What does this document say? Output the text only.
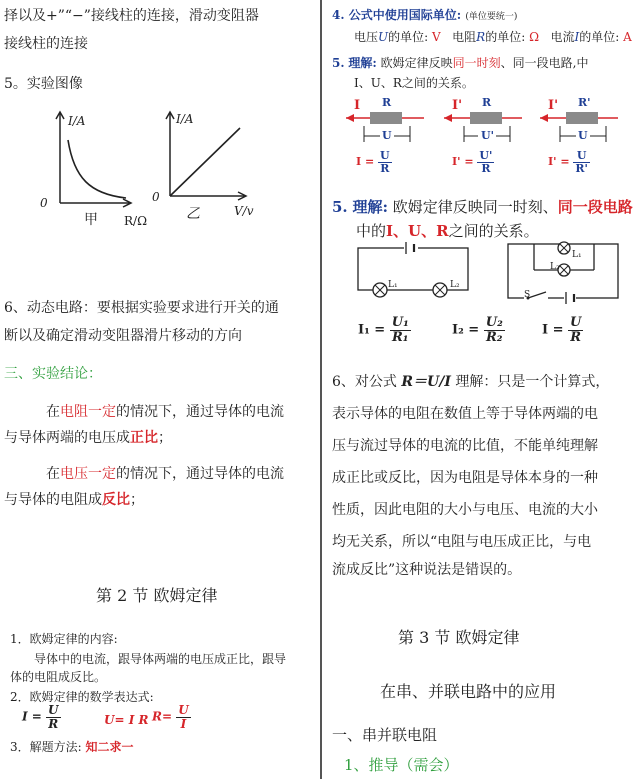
择以及+”“−”接线柱的连接，滑动变阻器
接线柱的连接
5。实验图像
I/A
0
甲 R/Ω
I/A
0
乙	V/v
6、动态电路：要根据实验要求进行开关的通
断以及确定滑动变阻器滑片移动的方向
三、实验结论：
在电阻一定的情况下，通过导体的电流
与导体两端的电压成正比；
在电压一定的情况下，通过导体的电流
与导体的电阻成反比；
第 2 节 欧姆定律
1．欧姆定律的内容:
导体中的电流，跟导体两端的电压成正比，跟导
体的电阻成反比。
2．欧姆定律的数学表达式:
$I = \frac{U}{R}$	U= I R $R= \frac{U}{I}$
3．解题方法: 知二求一
4. 公式中使用国际单位: (单位要统一)
电压U的单位: V 电阻R的单位: Ω 电流I的单位: A
5. 理解: 欧姆定律反映同一时刻、同一段电路,中
I、U、R之间的关系。
I R
U
I' R
U'
I' R'
U
$I = \frac{U}{R}$	$I' = \frac{U'}{R}$	$I' = \frac{U}{R'}$
5. 理解: 欧姆定律反映同一时刻、同一段电路
中的I、U、R之间的关系。
L₁	L₂
L₁
L₂
S
$I_1 = \frac{\text{U₁}}{\text{R₁}}$	$I_2 = \frac{\text{U₂}}{\text{R₂}}$	$I = \frac{U}{R}$
6、对公式 R＝U/I 理解：只是一个计算式，
表示导体的电阻在数值上等于导体两端的电
压与流过导体的电流的比值，不能单纯理解
成正比或反比，因为电阻是导体本身的一种
性质，因此电阻的大小与电压、电流的大小
均无关系，所以“电阻与电压成正比，与电
流成反比”这种说法是错误的。
第 3 节 欧姆定律
在串、并联电路中的应用
一、串并联电阻
1、推导（需会）
